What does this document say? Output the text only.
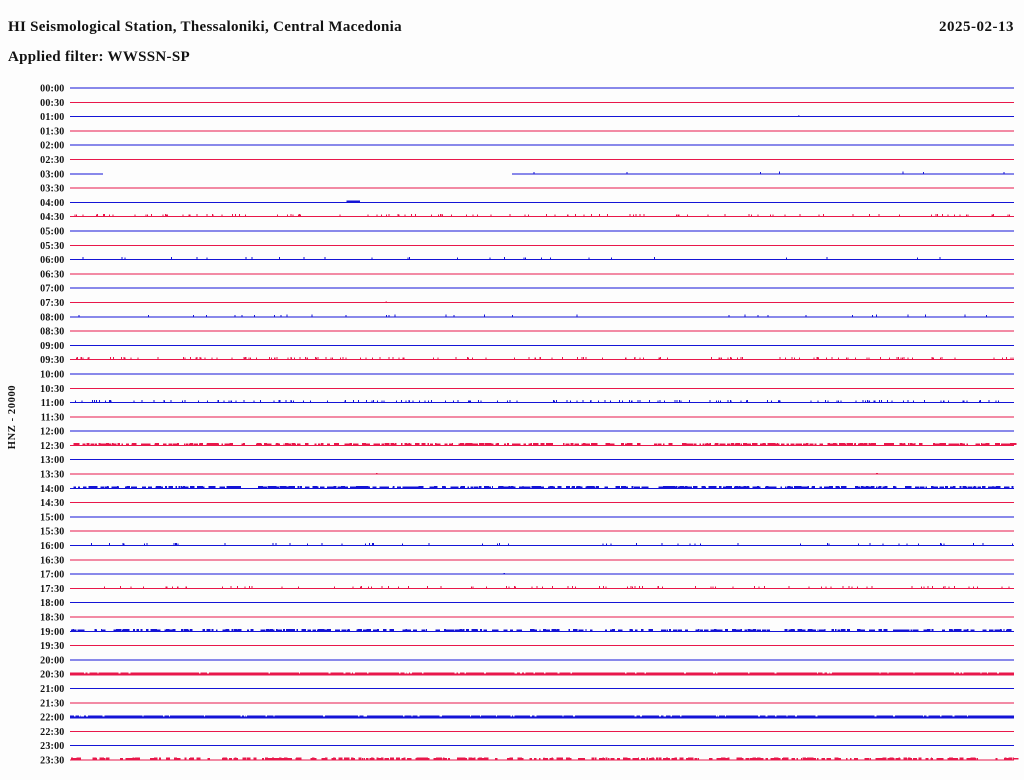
HI Seismological Station, Thessaloniki, Central Macedonia	2025-02-13
Applied filter: WWSSN-SP
HNZ - 20000
00:00
00:30
01:00
01:30
02:00
02:30
03:00
03:30
04:00
04:30
05:00
05:30
06:00
06:30
07:00
07:30
08:00
08:30
09:00
09:30
10:00
10:30
11:00
11:30
12:00
12:30
13:00
13:30
14:00
14:30
15:00
15:30
16:00
16:30
17:00
17:30
18:00
18:30
19:00
19:30
20:00
20:30
21:00
21:30
22:00
22:30
23:00
23:30
